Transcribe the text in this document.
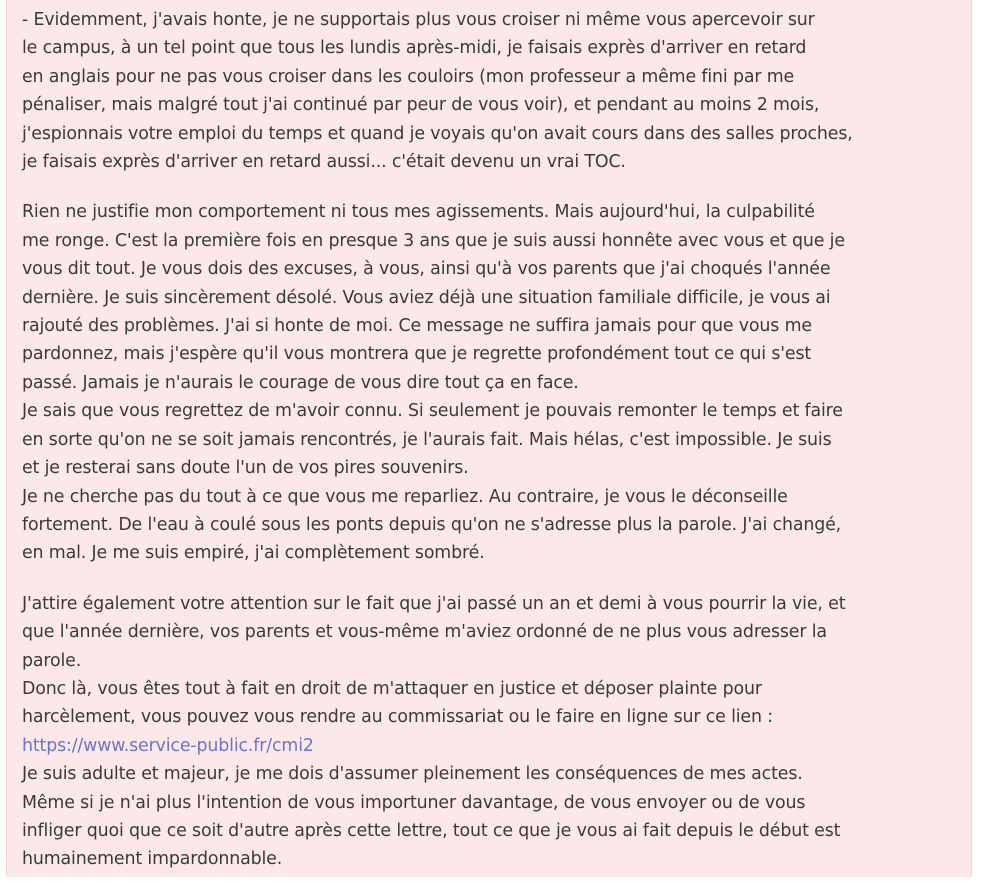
- Evidemment, j'avais honte, je ne supportais plus vous croiser ni même vous apercevoir sur
le campus, à un tel point que tous les lundis après-midi, je faisais exprès d'arriver en retard
en anglais pour ne pas vous croiser dans les couloirs (mon professeur a même fini par me
pénaliser, mais malgré tout j'ai continué par peur de vous voir), et pendant au moins 2 mois,
j'espionnais votre emploi du temps et quand je voyais qu'on avait cours dans des salles proches,
je faisais exprès d'arriver en retard aussi... c'était devenu un vrai TOC.
Rien ne justifie mon comportement ni tous mes agissements. Mais aujourd'hui, la culpabilité
me ronge. C'est la première fois en presque 3 ans que je suis aussi honnête avec vous et que je
vous dit tout. Je vous dois des excuses, à vous, ainsi qu'à vos parents que j'ai choqués l'année
dernière. Je suis sincèrement désolé. Vous aviez déjà une situation familiale difficile, je vous ai
rajouté des problèmes. J'ai si honte de moi. Ce message ne suffira jamais pour que vous me
pardonnez, mais j'espère qu'il vous montrera que je regrette profondément tout ce qui s'est
passé. Jamais je n'aurais le courage de vous dire tout ça en face.
Je sais que vous regrettez de m'avoir connu. Si seulement je pouvais remonter le temps et faire
en sorte qu'on ne se soit jamais rencontrés, je l'aurais fait. Mais hélas, c'est impossible. Je suis
et je resterai sans doute l'un de vos pires souvenirs.
Je ne cherche pas du tout à ce que vous me reparliez. Au contraire, je vous le déconseille
fortement. De l'eau à coulé sous les ponts depuis qu'on ne s'adresse plus la parole. J'ai changé,
en mal. Je me suis empiré, j'ai complètement sombré.
J'attire également votre attention sur le fait que j'ai passé un an et demi à vous pourrir la vie, et
que l'année dernière, vos parents et vous-même m'aviez ordonné de ne plus vous adresser la
parole.
Donc là, vous êtes tout à fait en droit de m'attaquer en justice et déposer plainte pour
harcèlement, vous pouvez vous rendre au commissariat ou le faire en ligne sur ce lien :
https://www.service-public.fr/cmi2
Je suis adulte et majeur, je me dois d'assumer pleinement les conséquences de mes actes.
Même si je n'ai plus l'intention de vous importuner davantage, de vous envoyer ou de vous
infliger quoi que ce soit d'autre après cette lettre, tout ce que je vous ai fait depuis le début est
humainement impardonnable.
